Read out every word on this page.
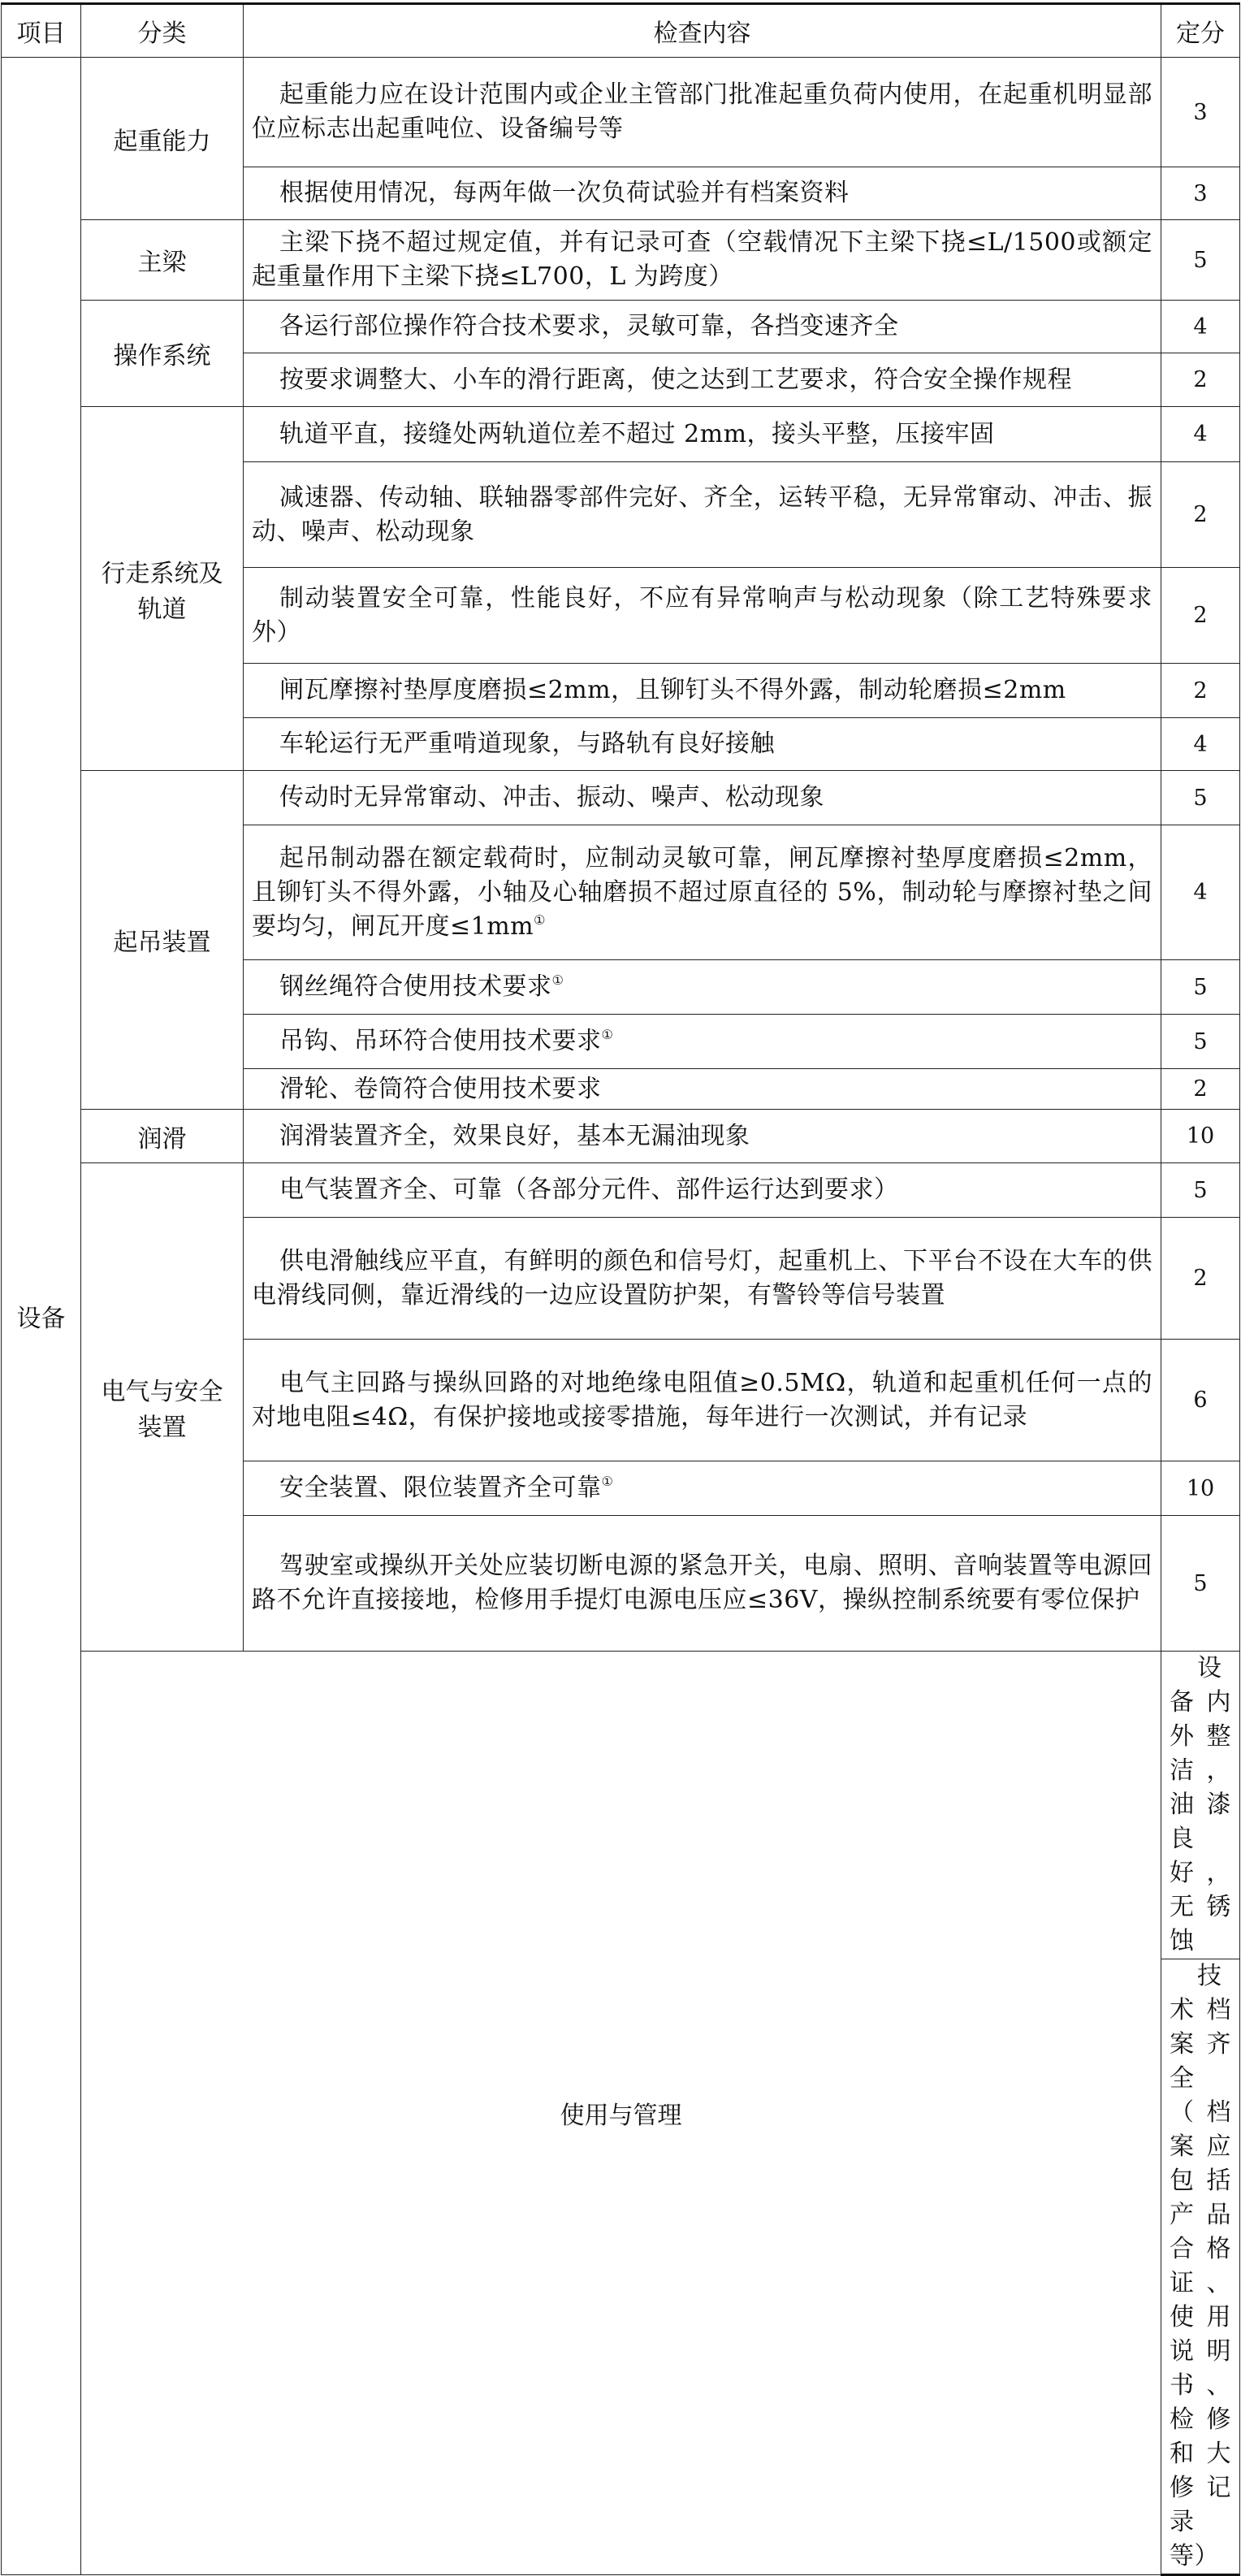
项目	分类	检查内容	定分	
设备	起重能力	起重能力应在设计范围内或企业主管部门批准起重负荷内使用，在起重机明显部位应标志出起重吨位、设备编号等	3	
		根据使用情况，每两年做一次负荷试验并有档案资料	3	
	主梁	主梁下挠不超过规定值，并有记录可查（空载情况下主梁下挠≤L/1500或额定起重量作用下主梁下挠≤L700，L 为跨度）	5	
	操作系统	各运行部位操作符合技术要求，灵敏可靠，各挡变速齐全	4	
		按要求调整大、小车的滑行距离，使之达到工艺要求，符合安全操作规程	2	
	行走系统及轨道	轨道平直，接缝处两轨道位差不超过 2mm，接头平整，压接牢固	4	
		减速器、传动轴、联轴器零部件完好、齐全，运转平稳，无异常窜动、冲击、振动、噪声、松动现象	2	
		制动装置安全可靠，性能良好，不应有异常响声与松动现象（除工艺特殊要求外）	2	
		闸瓦摩擦衬垫厚度磨损≤2mm，且铆钉头不得外露，制动轮磨损≤2mm	2	
		车轮运行无严重啃道现象，与路轨有良好接触	4	
	起吊装置	传动时无异常窜动、冲击、振动、噪声、松动现象	5	
		起吊制动器在额定载荷时，应制动灵敏可靠，闸瓦摩擦衬垫厚度磨损≤2mm，且铆钉头不得外露，小轴及心轴磨损不超过原直径的 5%，制动轮与摩擦衬垫之间要均匀，闸瓦开度≤1mm①	4	
		钢丝绳符合使用技术要求①	5	
		吊钩、吊环符合使用技术要求①	5	
		滑轮、卷筒符合使用技术要求	2	
	润滑	润滑装置齐全，效果良好，基本无漏油现象	10	
	电气与安全装置	电气装置齐全、可靠（各部分元件、部件运行达到要求）	5	
		供电滑触线应平直，有鲜明的颜色和信号灯，起重机上、下平台不设在大车的供电滑线同侧，靠近滑线的一边应设置防护架，有警铃等信号装置	2	
		电气主回路与操纵回路的对地绝缘电阻值≥0.5MΩ，轨道和起重机任何一点的对地电阻≤4Ω，有保护接地或接零措施，每年进行一次测试，并有记录	6	
		安全装置、限位装置齐全可靠①	10	
		驾驶室或操纵开关处应装切断电源的紧急开关，电扇、照明、音响装置等电源回路不允许直接接地，检修用手提灯电源电压应≤36V，操纵控制系统要有零位保护	5	
	使用与管理		设备内外整洁，油漆良好，无锈蚀	
			技术档案齐全（档案应包括产品合格证、使用说明书、检修和大修记录等）	
